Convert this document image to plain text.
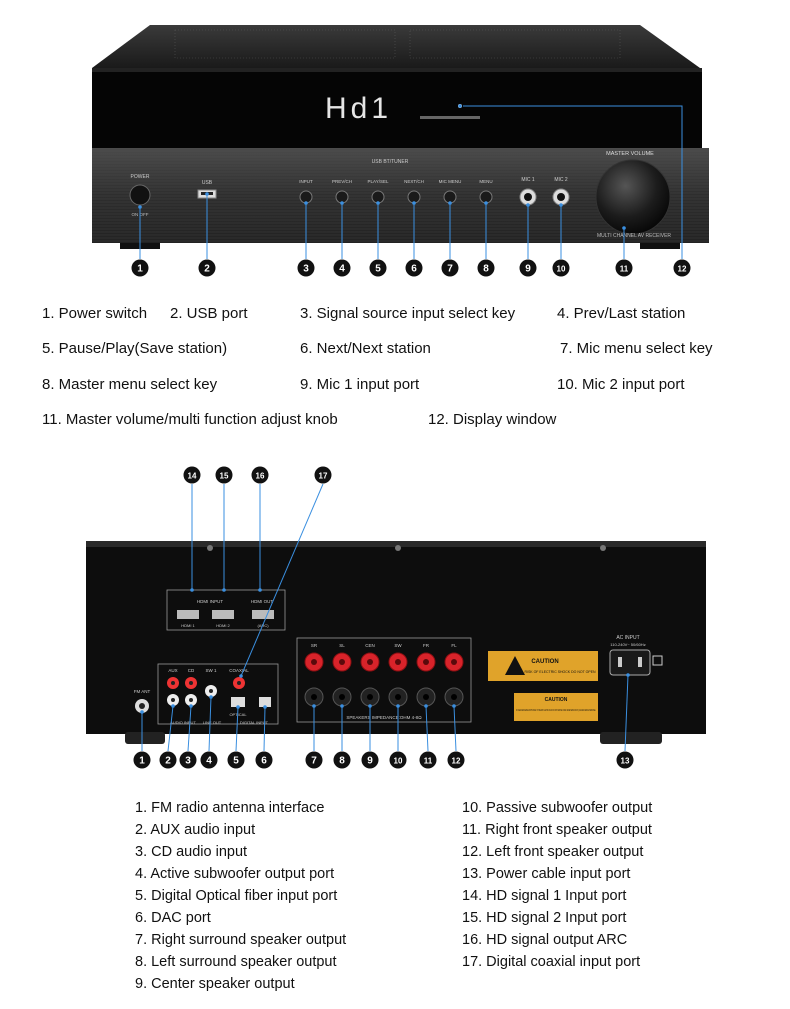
Hd1
POWER
ON OFF
USB
USB BT/TUNER
INPUT	PREV/CH	PLAY/SEL	NEXT/CH	MIC MENU	MENU	MIC 1	MIC 2
MASTER VOLUME
MULTI CHANNEL AV RECEIVER
1	2	3	4	5	6	7	8	9	10	11	12
1. Power switch 2. USB port	3. Signal source input select key	4. Prev/Last station
5. Pause/Play(Save station)	6. Next/Next station	7. Mic menu select key
8. Master menu select key	9. Mic 1 input port	10. Mic 2 input port
11. Master volume/multi function adjust knob	12. Display window
HDMI INPUT	HDMI OUT
HDMI 1	HDMI 2	(ARC)
FM ANT
AUX CD SW 1	COAXIAL
OPTICAL
AUDIO INPUT LINE OUT	DIGITAL INPUT
SR	SL	CEN	SW	FR	FL
SPEAKERS IMPEDANCE:OHM 4-8Ω
CAUTION
RISK OF ELECTRIC SHOCK DO NOT OPEN
CAUTION
NO USER-SERVICEABLE PARTS INSIDE. TO PREVENT ELECTRIC SHOCK DO NOT REMOVE COVER. REFER SERVICING TO QUALIFIED SERVICE PERSONNEL.
AC INPUT
110-240V~ 50/60Hz
1 2 3 4 5 6	7 8 9	10	11 12	13
14	15	16	17
1. FM radio antenna interface
2. AUX audio input
3. CD audio input
4. Active subwoofer output port
5. Digital Optical fiber input port
6. DAC port
7. Right surround speaker output
8. Left surround speaker output
9. Center speaker output
10. Passive subwoofer output
11. Right front speaker output
12. Left front speaker output
13. Power cable input port
14. HD signal 1 Input port
15. HD signal 2 Input port
16. HD signal output ARC
17. Digital coaxial input port
